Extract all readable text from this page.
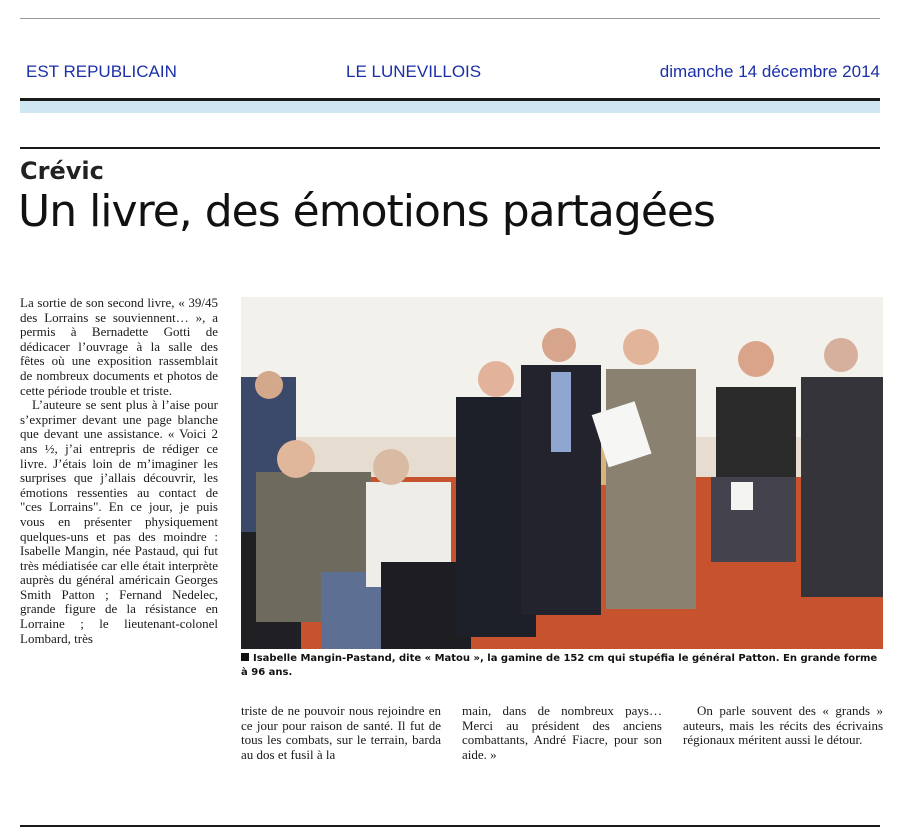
EST REPUBLICAIN	LE LUNEVILLOIS	dimanche 14 décembre 2014
Crévic
Un livre, des émotions partagées

La sortie de son second livre, « 39/45 des Lorrains se souviennent… », a permis à Bernadette Gotti de dédicacer l’ouvrage à la salle des fêtes où une exposition rassemblait de nombreux documents et photos de cette période trouble et triste.

L’auteure se sent plus à l’aise pour s’exprimer devant une page blanche que devant une assistance. « Voici 2 ans ½, j’ai entrepris de rédiger ce livre. J’étais loin de m’imaginer les surprises que j’allais découvrir, les émotions ressenties au contact de "ces Lorrains". En ce jour, je puis vous en présenter physiquement quelques-uns et pas des moindre : Isabelle Mangin, née Pastaud, qui fut très médiatisée car elle était interprète auprès du général américain Georges Smith Patton ; Fernand Nedelec, grande figure de la résistance en Lorraine ; le lieutenant-colonel Lombard, très

Isabelle Mangin-Pastand, dite « Matou », la gamine de 152 cm qui stupéfia le général Patton. En grande forme à 96 ans.

triste de ne pouvoir nous rejoindre en ce jour pour raison de santé. Il fut de tous les combats, sur le terrain, barda au dos et fusil à la

main, dans de nombreux pays… Merci au président des anciens combattants, André Fiacre, pour son aide. »

On parle souvent des « grands » auteurs, mais les récits des écrivains régionaux méritent aussi le détour.
